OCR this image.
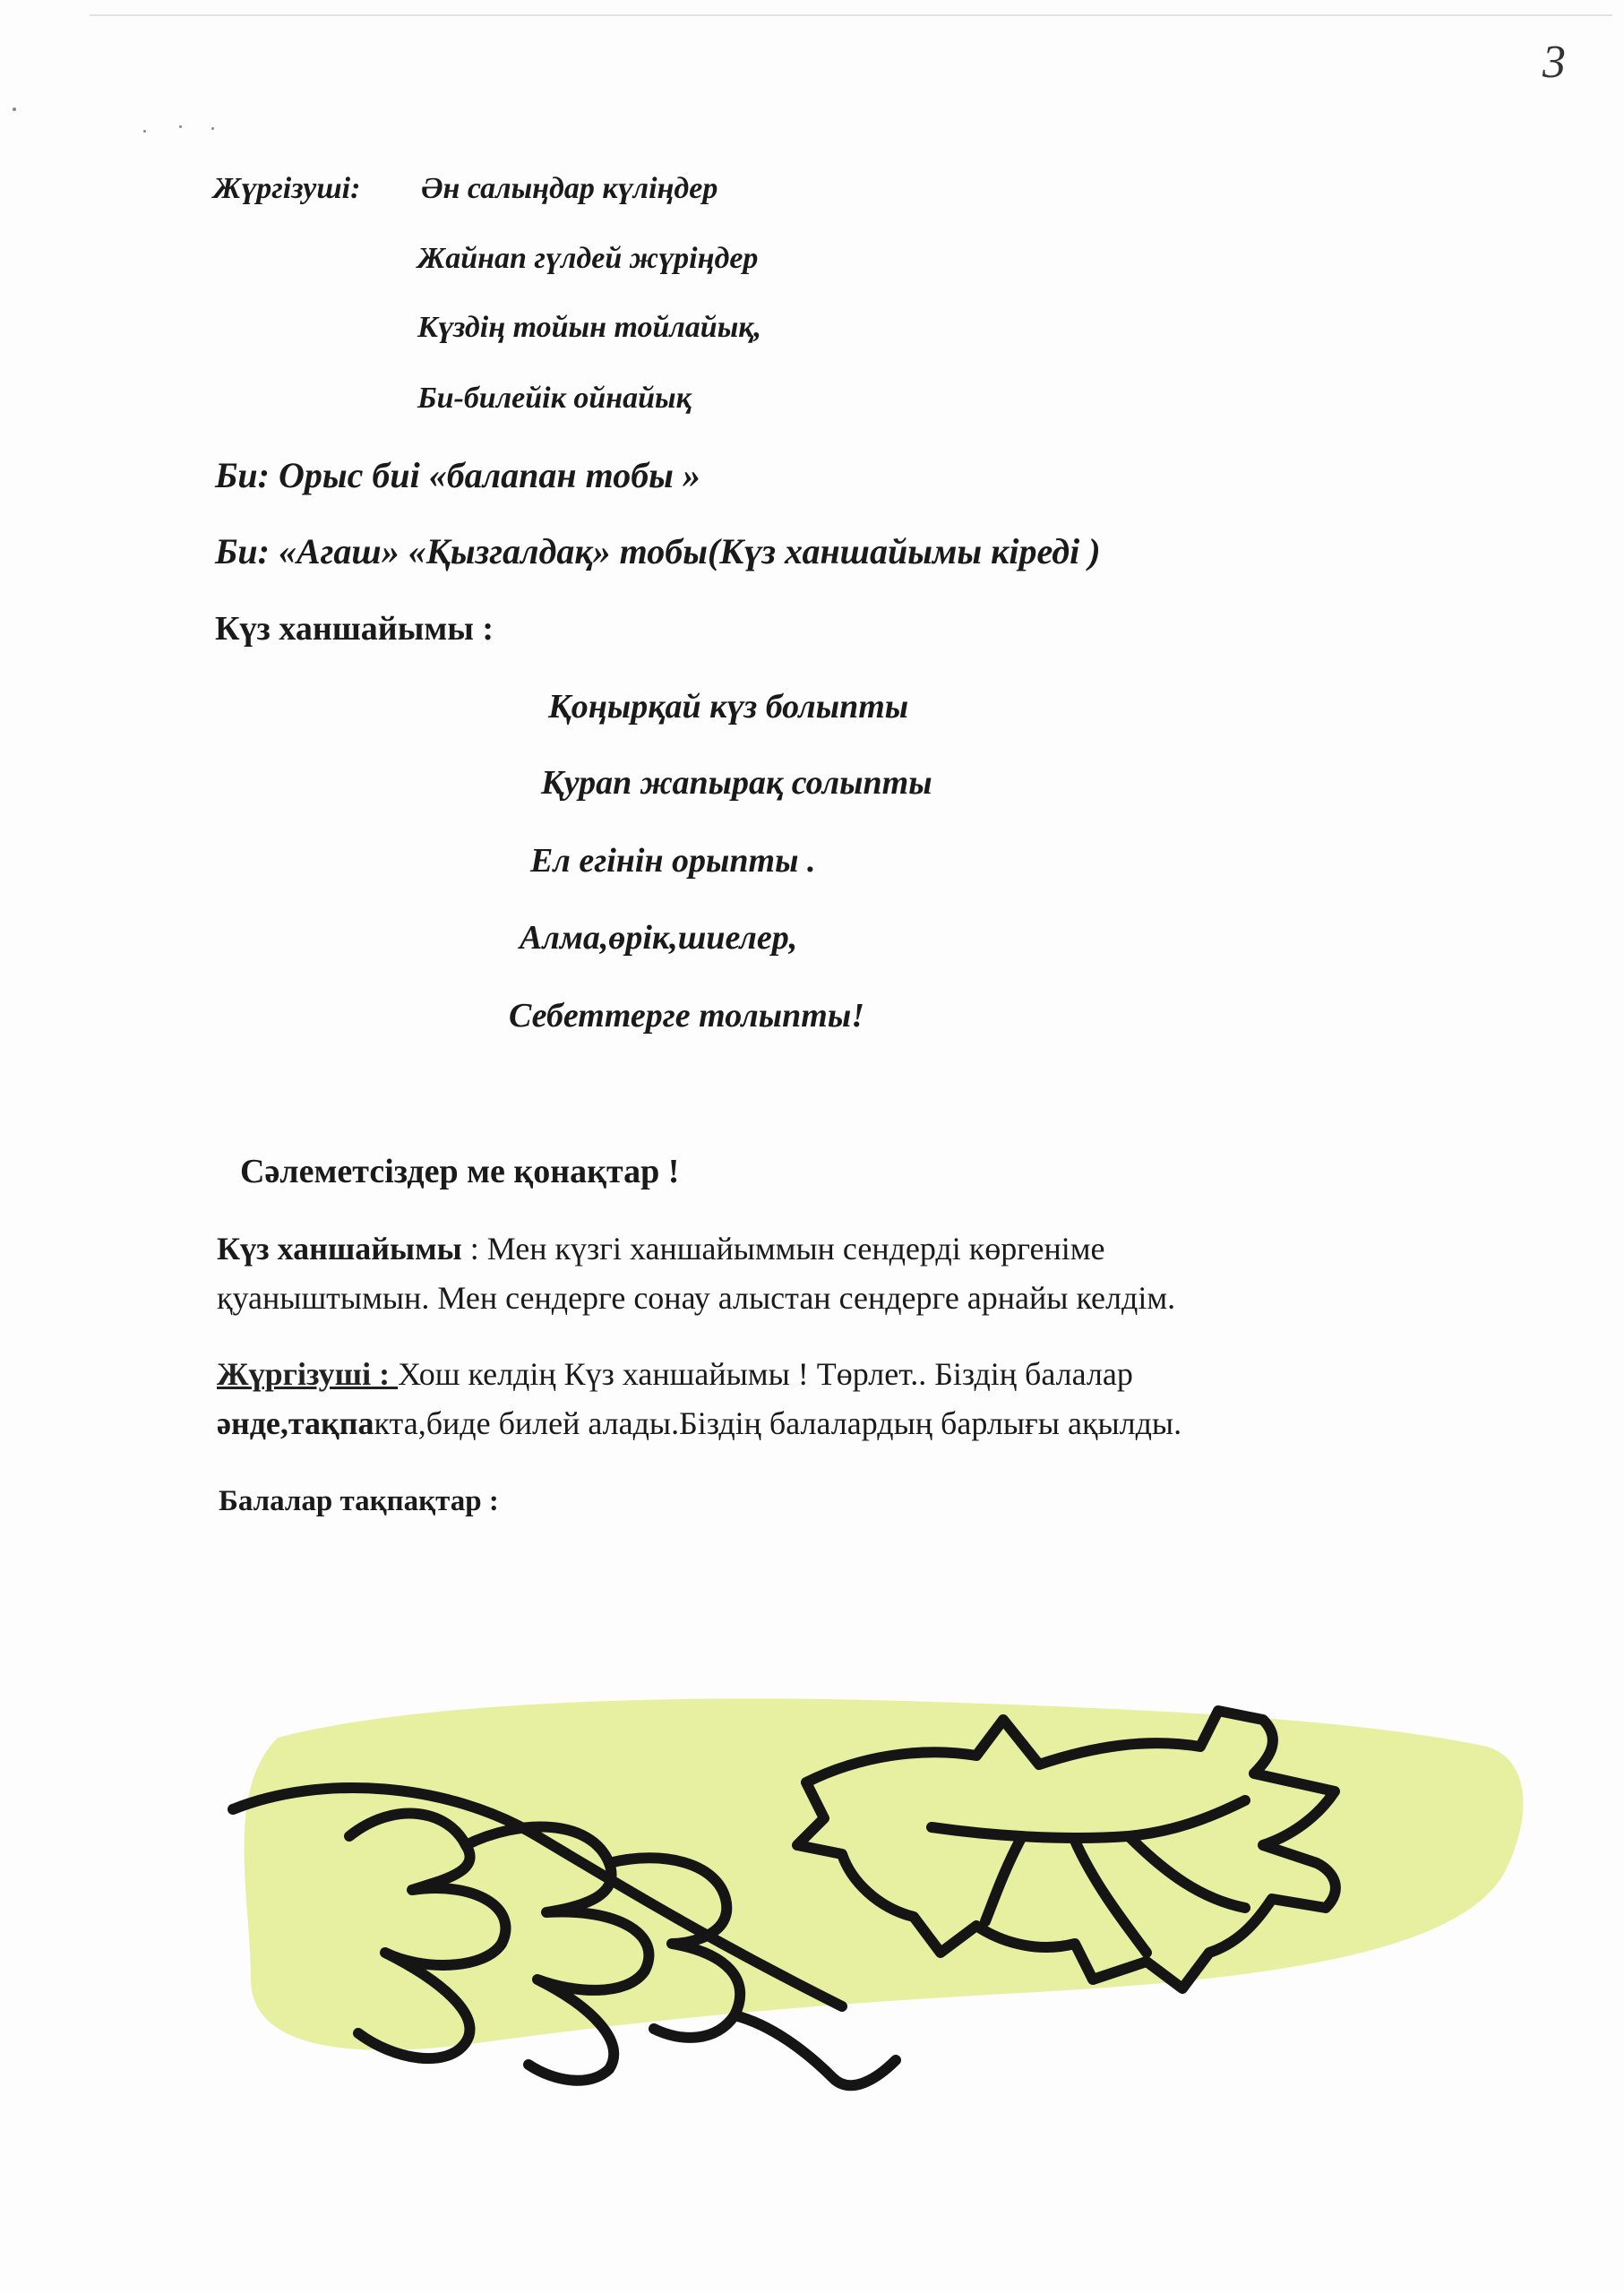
3
Жүргізуші: Ән салыңдар күліңдер
Жайнап гүлдей жүріңдер
Күздің тойын тойлайық,
Би-билейік ойнайық
Би: Орыс биі «балапан тобы »
Би: «Агаш» «Қызгалдақ» тобы(Күз ханшайымы кіреді )
Күз ханшайымы :
Қоңырқай күз болыпты
Қурап жапырақ солыпты
Ел егінін орыпты .
Алма,өрік,шиелер,
Себеттерге толыпты!
Сәлеметсіздер ме қонақтар !
Күз ханшайымы : Мен күзгі ханшайыммын сендерді көргеніме
қуаныштымын. Мен сендерге сонау алыстан сендерге арнайы келдім.
Жүргізуші : Хош келдің Күз ханшайымы ! Төрлет.. Біздің балалар
әнде,тақпакта,биде билей алады.Біздің балалардың барлығы ақылды.
Балалар тақпақтар :
